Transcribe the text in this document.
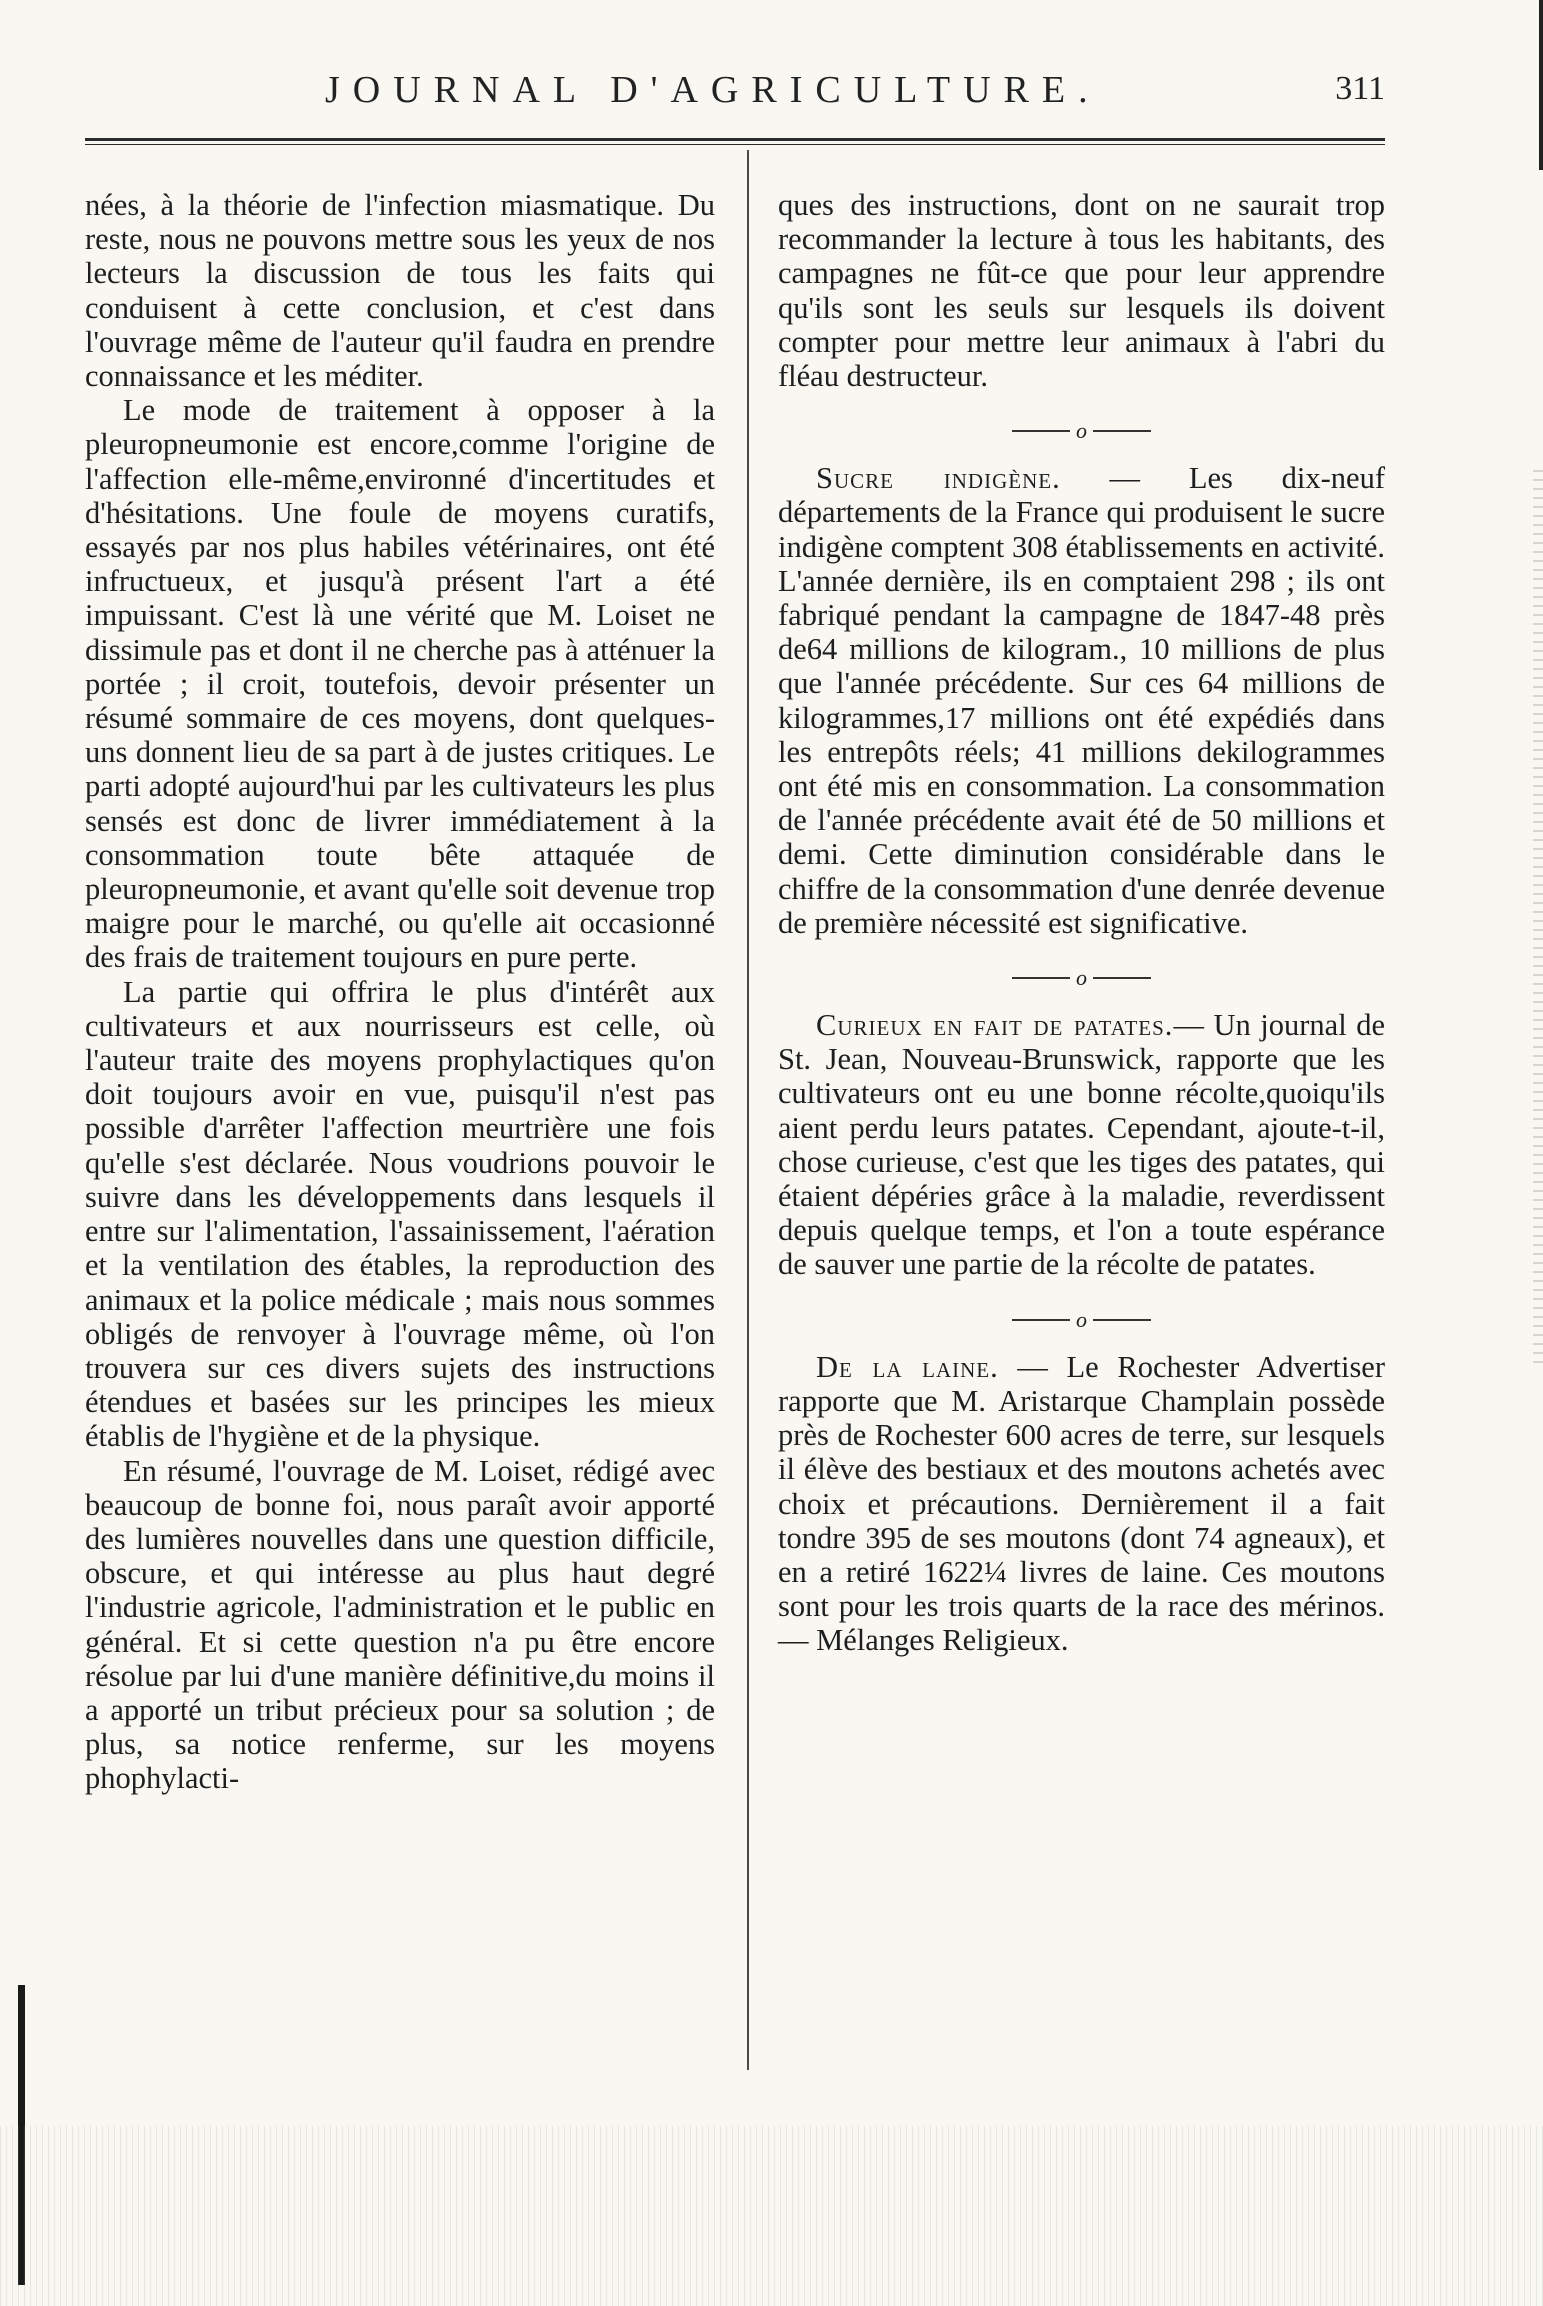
JOURNAL D'AGRICULTURE.	311

nées, à la théorie de l'infection miasmatique. Du reste, nous ne pouvons mettre sous les yeux de nos lecteurs la discussion de tous les faits qui conduisent à cette conclusion, et c'est dans l'ouvrage même de l'auteur qu'il faudra en prendre connaissance et les méditer.

Le mode de traitement à opposer à la pleuropneumonie est encore,comme l'origine de l'affection elle-même,environné d'incertitudes et d'hésitations. Une foule de moyens curatifs, essayés par nos plus habiles vétérinaires, ont été infructueux, et jusqu'à présent l'art a été impuissant. C'est là une vérité que M. Loiset ne dissimule pas et dont il ne cherche pas à atténuer la portée ; il croit, toutefois, devoir présenter un résumé sommaire de ces moyens, dont quelques-uns donnent lieu de sa part à de justes critiques. Le parti adopté aujourd'hui par les cultivateurs les plus sensés est donc de livrer immédiatement à la consommation toute bête attaquée de pleuropneumonie, et avant qu'elle soit devenue trop maigre pour le marché, ou qu'elle ait occasionné des frais de traitement toujours en pure perte.

La partie qui offrira le plus d'intérêt aux cultivateurs et aux nourrisseurs est celle, où l'auteur traite des moyens prophylactiques qu'on doit toujours avoir en vue, puisqu'il n'est pas possible d'arrêter l'affection meurtrière une fois qu'elle s'est déclarée. Nous voudrions pouvoir le suivre dans les développements dans lesquels il entre sur l'alimentation, l'assainissement, l'aération et la ventilation des étables, la reproduction des animaux et la police médicale ; mais nous sommes obligés de renvoyer à l'ouvrage même, où l'on trouvera sur ces divers sujets des instructions étendues et basées sur les principes les mieux établis de l'hygiène et de la physique.

En résumé, l'ouvrage de M. Loiset, rédigé avec beaucoup de bonne foi, nous paraît avoir apporté des lumières nouvelles dans une question difficile, obscure, et qui intéresse au plus haut degré l'industrie agricole, l'administration et le public en général. Et si cette question n'a pu être encore résolue par lui d'une manière définitive,du moins il a apporté un tribut précieux pour sa solution ; de plus, sa notice renferme, sur les moyens phophylacti-

ques des instructions, dont on ne saurait trop recommander la lecture à tous les habitants, des campagnes ne fût-ce que pour leur apprendre qu'ils sont les seuls sur lesquels ils doivent compter pour mettre leur animaux à l'abri du fléau destructeur.

o

Sucre indigène. — Les dix-neuf départements de la France qui produisent le sucre indigène comptent 308 établissements en activité. L'année dernière, ils en comptaient 298 ; ils ont fabriqué pendant la campagne de 1847-48 près de64 millions de kilogram., 10 millions de plus que l'année précédente. Sur ces 64 millions de kilogrammes,17 millions ont été expédiés dans les entrepôts réels; 41 millions dekilogrammes ont été mis en consommation. La consommation de l'année précédente avait été de 50 millions et demi. Cette diminution considérable dans le chiffre de la consommation d'une denrée devenue de première nécessité est significative.

o

Curieux en fait de patates.— Un journal de St. Jean, Nouveau-Brunswick, rapporte que les cultivateurs ont eu une bonne récolte,quoiqu'ils aient perdu leurs patates. Cependant, ajoute-t-il, chose curieuse, c'est que les tiges des patates, qui étaient dépéries grâce à la maladie, reverdissent depuis quelque temps, et l'on a toute espérance de sauver une partie de la récolte de patates.

o

De la laine. — Le Rochester Advertiser rapporte que M. Aristarque Champlain possède près de Rochester 600 acres de terre, sur lesquels il élève des bestiaux et des moutons achetés avec choix et précautions. Dernièrement il a fait tondre 395 de ses moutons (dont 74 agneaux), et en a retiré 1622¼ livres de laine. Ces moutons sont pour les trois quarts de la race des mérinos. — Mélanges Religieux.
